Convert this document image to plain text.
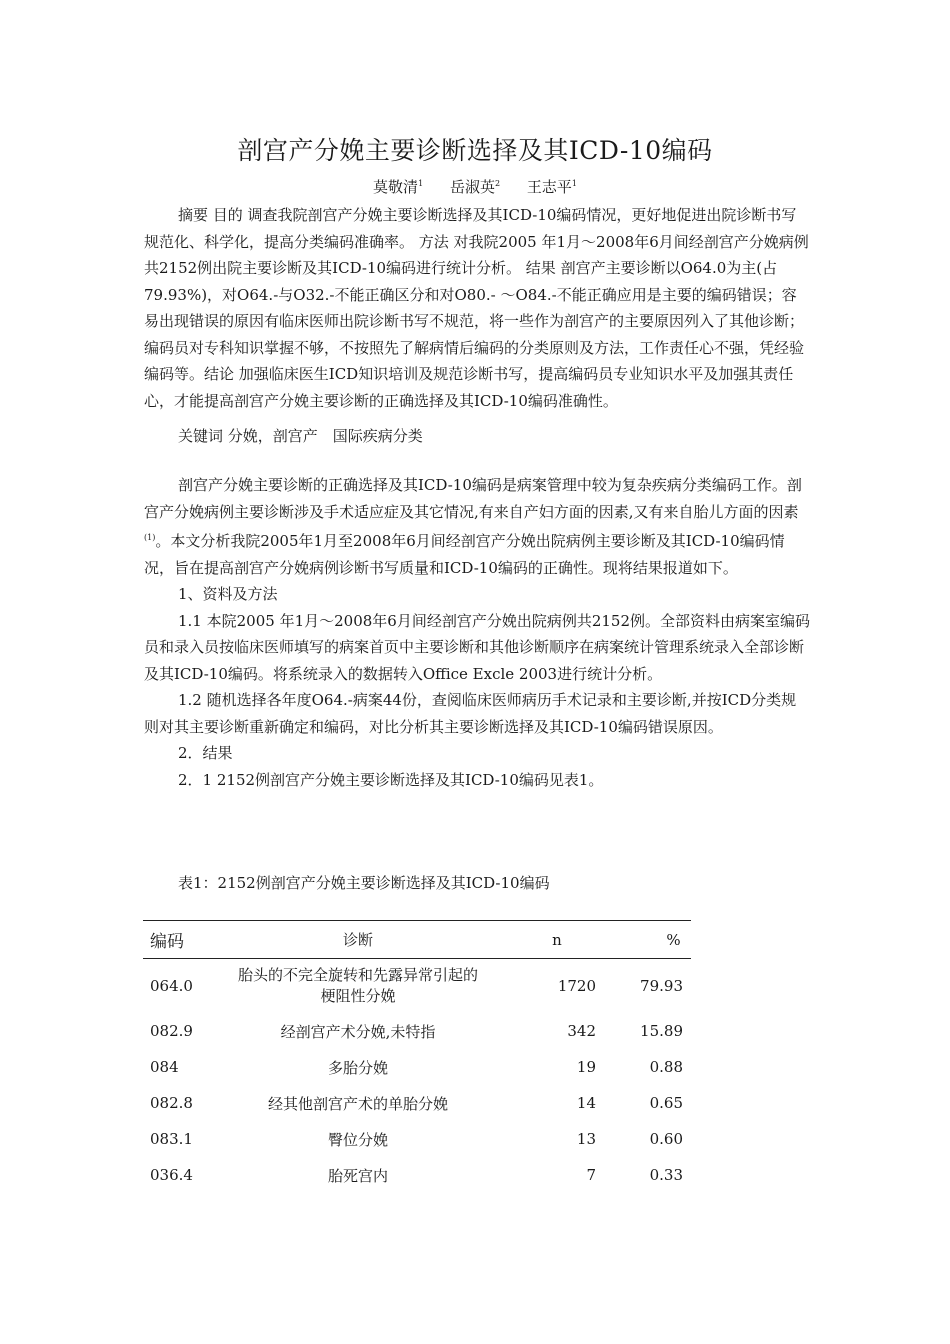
剖宫产分娩主要诊断选择及其ICD-10编码
莫敬清$^1$ 岳淑英$^2$ 王志平$^1$

摘要 目的 调查我院剖宫产分娩主要诊断选择及其ICD-10编码情况，更好地促进出院诊断书写规范化、科学化，提高分类编码准确率。 方法 对我院2005 年1月～2008年6月间经剖宫产分娩病例共2152例出院主要诊断及其ICD-10编码进行统计分析。 结果 剖宫产主要诊断以O64.0为主(占79.93%)，对O64.-与O32.-不能正确区分和对O80.- ～O84.-不能正确应用是主要的编码错误；容易出现错误的原因有临床医师出院诊断书写不规范，将一些作为剖宫产的主要原因列入了其他诊断；编码员对专科知识掌握不够，不按照先了解病情后编码的分类原则及方法，工作责任心不强，凭经验编码等。结论 加强临床医生ICD知识培训及规范诊断书写，提高编码员专业知识水平及加强其责任心，才能提高剖宫产分娩主要诊断的正确选择及其ICD-10编码准确性。

关键词 分娩，剖宫产　国际疾病分类

剖宫产分娩主要诊断的正确选择及其ICD-10编码是病案管理中较为复杂疾病分类编码工作。剖宫产分娩病例主要诊断涉及手术适应症及其它情况,有来自产妇方面的因素,又有来自胎儿方面的因素$^{(1)}$。本文分析我院2005年1月至2008年6月间经剖宫产分娩出院病例主要诊断及其ICD-10编码情况，旨在提高剖宫产分娩病例诊断书写质量和ICD-10编码的正确性。现将结果报道如下。

1、资料及方法

1.1 本院2005 年1月～2008年6月间经剖宫产分娩出院病例共2152例。全部资料由病案室编码员和录入员按临床医师填写的病案首页中主要诊断和其他诊断顺序在病案统计管理系统录入全部诊断及其ICD-10编码。将系统录入的数据转入Office Excle 2003进行统计分析。

1.2 随机选择各年度O64.-病案44份，查阅临床医师病历手术记录和主要诊断,并按ICD分类规则对其主要诊断重新确定和编码，对比分析其主要诊断选择及其ICD-10编码错误原因。

2．结果

2．1 2152例剖宫产分娩主要诊断选择及其ICD-10编码见表1。

表1：2152例剖宫产分娩主要诊断选择及其ICD-10编码
编码	诊断	n	%
064.0	胎头的不完全旋转和先露异常引起的梗阻性分娩	1720	79.93
082.9	经剖宫产术分娩,未特指	342	15.89
084	多胎分娩	19	0.88
082.8	经其他剖宫产术的单胎分娩	14	0.65
083.1	臀位分娩	13	0.60
036.4	胎死宫内	7	0.33
